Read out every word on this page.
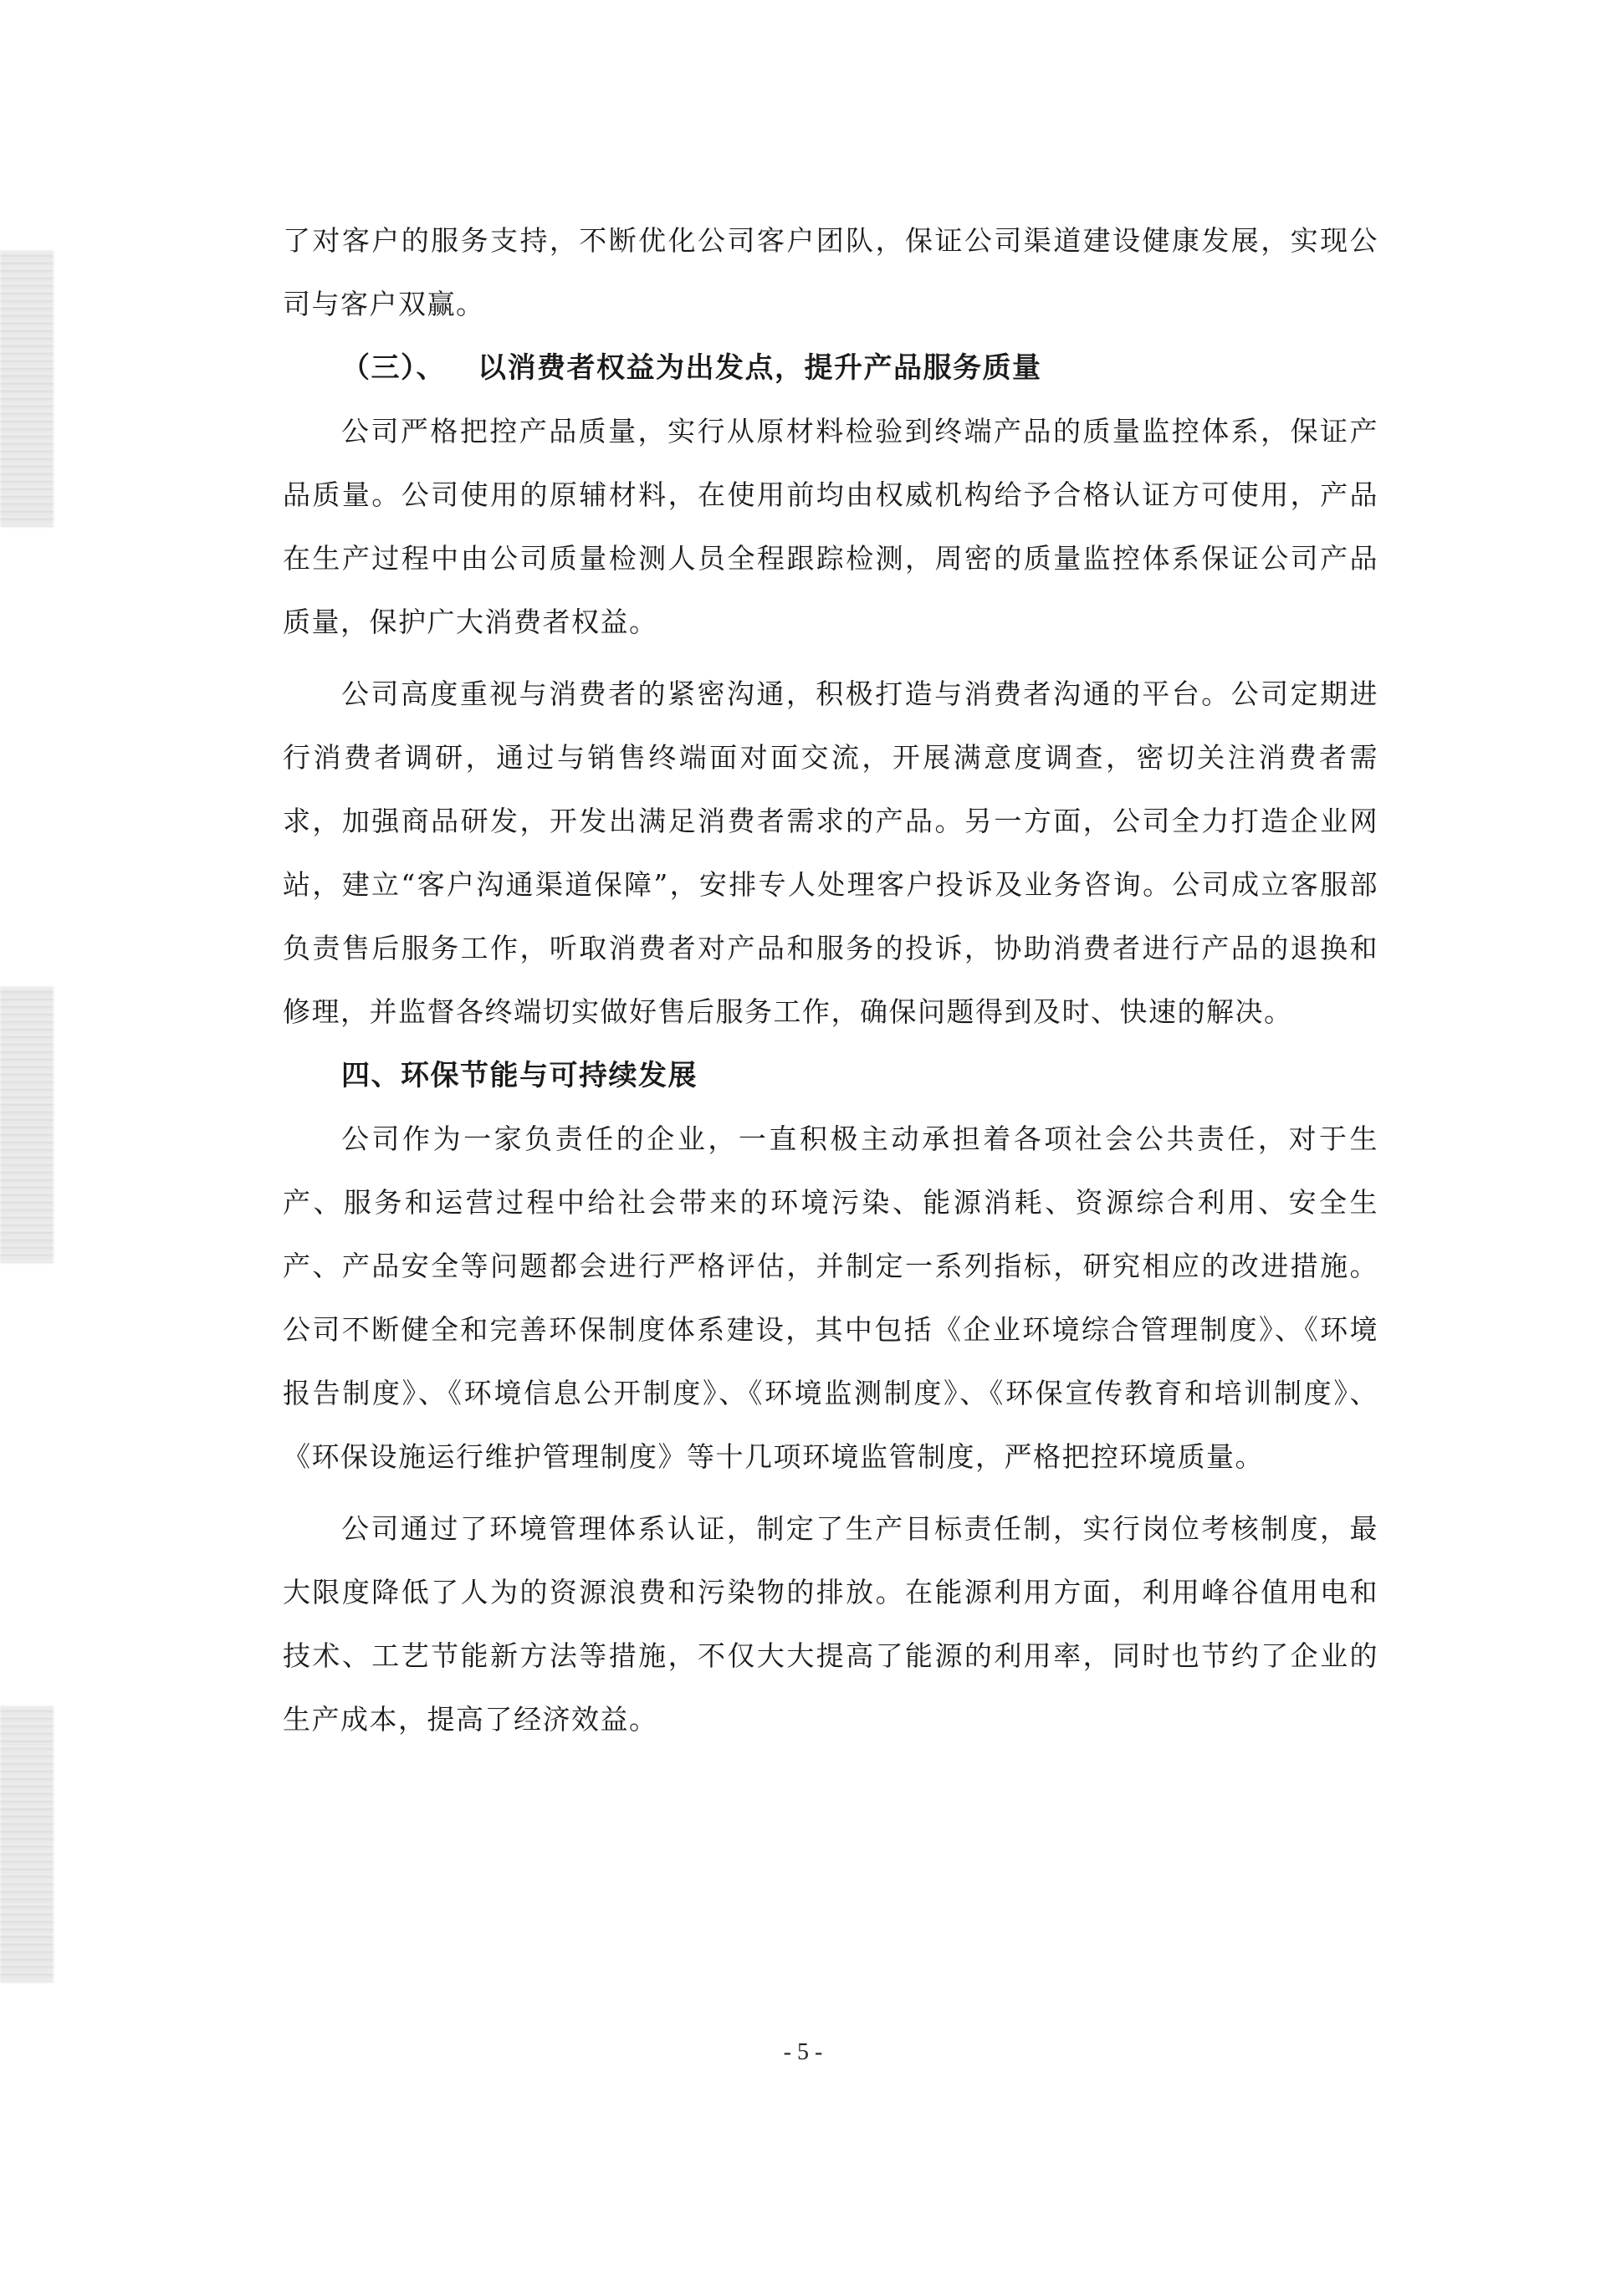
了对客户的服务支持，不断优化公司客户团队，保证公司渠道建设健康发展，实现公司与客户双赢。

（三）、 以消费者权益为出发点，提升产品服务质量

公司严格把控产品质量，实行从原材料检验到终端产品的质量监控体系，保证产品质量。公司使用的原辅材料，在使用前均由权威机构给予合格认证方可使用，产品在生产过程中由公司质量检测人员全程跟踪检测，周密的质量监控体系保证公司产品质量，保护广大消费者权益。

公司高度重视与消费者的紧密沟通，积极打造与消费者沟通的平台。公司定期进行消费者调研，通过与销售终端面对面交流，开展满意度调查，密切关注消费者需求，加强商品研发，开发出满足消费者需求的产品。另一方面，公司全力打造企业网站，建立“客户沟通渠道保障”，安排专人处理客户投诉及业务咨询。公司成立客服部负责售后服务工作，听取消费者对产品和服务的投诉，协助消费者进行产品的退换和修理，并监督各终端切实做好售后服务工作，确保问题得到及时、快速的解决。

四、环保节能与可持续发展

公司作为一家负责任的企业，一直积极主动承担着各项社会公共责任，对于生产、服务和运营过程中给社会带来的环境污染、能源消耗、资源综合利用、安全生产、产品安全等问题都会进行严格评估，并制定一系列指标，研究相应的改进措施。公司不断健全和完善环保制度体系建设，其中包括《企业环境综合管理制度》、《环境报告制度》、《环境信息公开制度》、《环境监测制度》、《环保宣传教育和培训制度》、《环保设施运行维护管理制度》等十几项环境监管制度，严格把控环境质量。

公司通过了环境管理体系认证，制定了生产目标责任制，实行岗位考核制度，最大限度降低了人为的资源浪费和污染物的排放。在能源利用方面，利用峰谷值用电和技术、工艺节能新方法等措施，不仅大大提高了能源的利用率，同时也节约了企业的生产成本，提高了经济效益。

- 5 -
